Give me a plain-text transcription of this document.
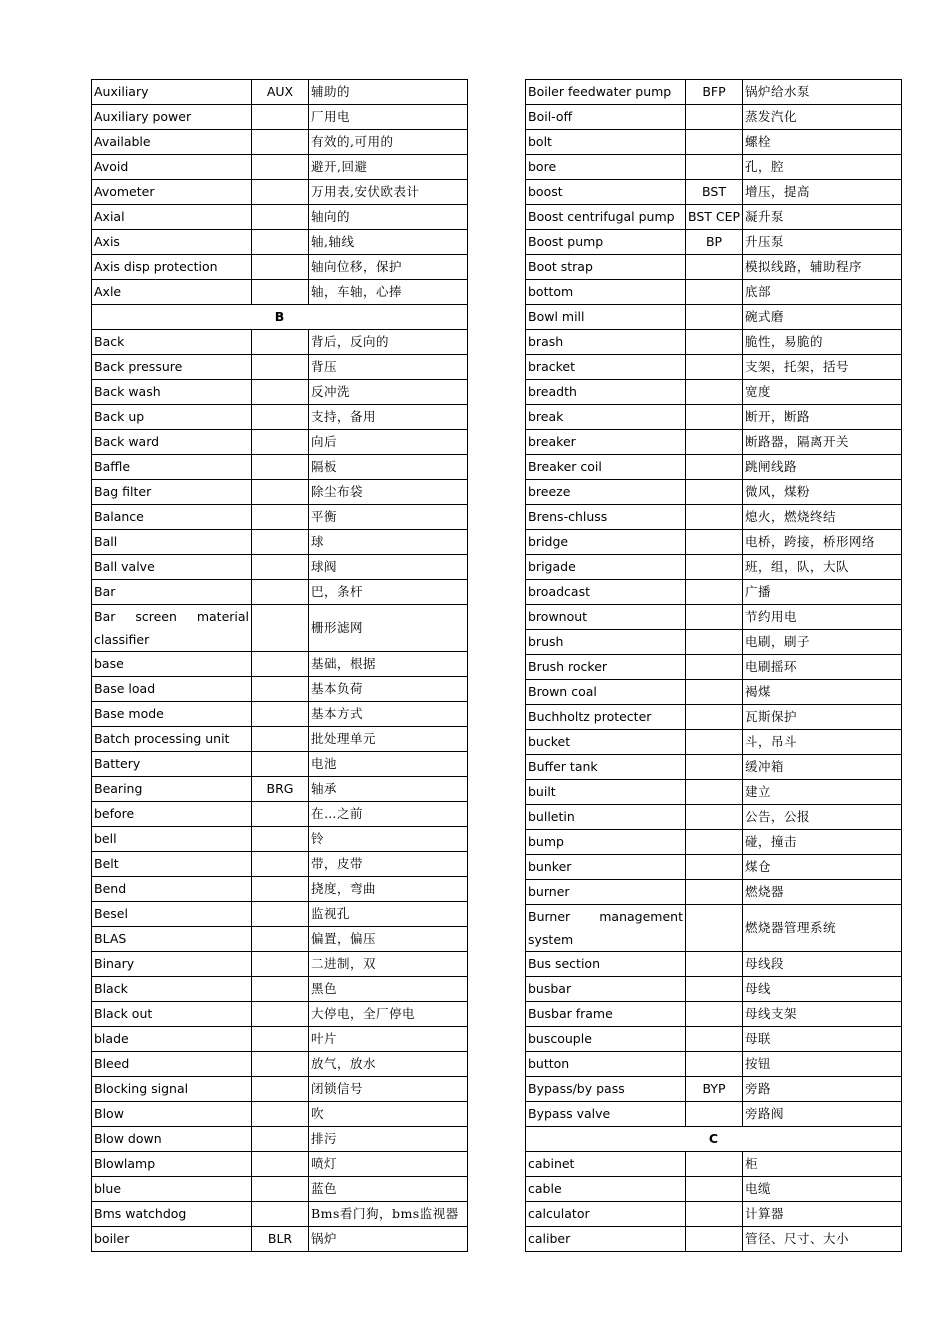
Auxiliary	AUX	辅助的
Auxiliary power		厂用电
Available		有效的,可用的
Avoid		避开,回避
Avometer		万用表,安伏欧表计
Axial		轴向的
Axis		轴,轴线
Axis disp protection		轴向位移，保护
Axle		轴，车轴，心捧
B		
Back		背后，反向的
Back pressure		背压
Back wash		反冲洗
Back up		支持，备用
Back ward		向后
Baffle		隔板
Bag filter		除尘布袋
Balance		平衡
Ball		球
Ball valve		球阀
Bar		巴，条杆
Bar screen material classifier		栅形滤网
base		基础，根据
Base load		基本负荷
Base mode		基本方式
Batch processing unit		批处理单元
Battery		电池
Bearing	BRG	轴承
before		在…之前
bell		铃
Belt		带，皮带
Bend		挠度，弯曲
Besel		监视孔
BLAS		偏置，偏压
Binary		二进制，双
Black		黑色
Black out		大停电，全厂停电
blade		叶片
Bleed		放气，放水
Blocking signal		闭锁信号
Blow		吹
Blow down		排污
Blowlamp		喷灯
blue		蓝色
Bms watchdog		Bms看门狗，bms监视器
boiler	BLR	锅炉
Boiler feedwater pump	BFP	锅炉给水泵
Boil-off		蒸发汽化
bolt		螺栓
bore		孔，腔
boost	BST	增压，提高
Boost centrifugal pump	BST CEP	凝升泵
Boost pump	BP	升压泵
Boot strap		模拟线路，辅助程序
bottom		底部
Bowl mill		碗式磨
brash		脆性，易脆的
bracket		支架，托架，括号
breadth		宽度
break		断开，断路
breaker		断路器，隔离开关
Breaker coil		跳闸线路
breeze		微风，煤粉
Brens-chluss		熄火，燃烧终结
bridge		电桥，跨接，桥形网络
brigade		班，组，队，大队
broadcast		广播
brownout		节约用电
brush		电刷，刷子
Brush rocker		电刷摇环
Brown coal		褐煤
Buchholtz protecter		瓦斯保护
bucket		斗，吊斗
Buffer tank		缓冲箱
built		建立
bulletin		公告，公报
bump		碰，撞击
bunker		煤仓
burner		燃烧器
Burner management system		燃烧器管理系统
Bus section		母线段
busbar		母线
Busbar frame		母线支架
buscouple		母联
button		按钮
Bypass/by pass	BYP	旁路
Bypass valve		旁路阀
C		
cabinet		柜
cable		电缆
calculator		计算器
caliber		管径、尺寸、大小
